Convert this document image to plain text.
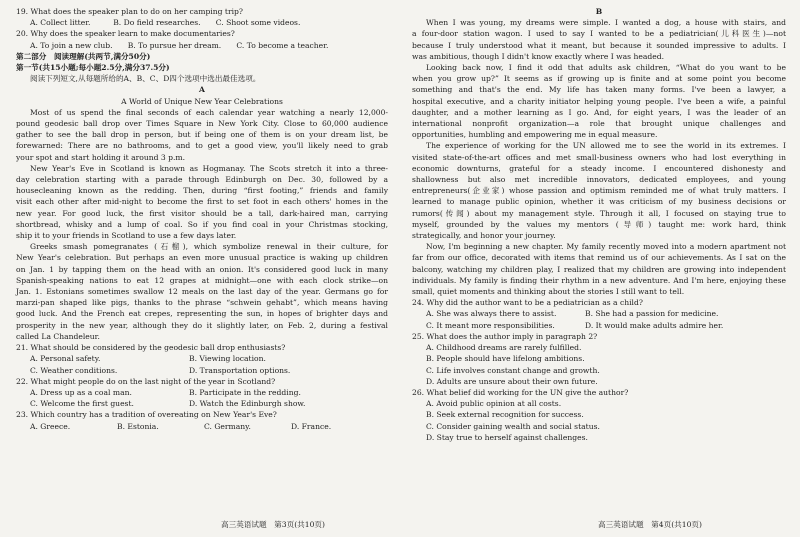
19. What does the speaker plan to do on her camping trip?
A. Collect litter.   B. Do field researches.  C. Shoot some videos.
20. Why does the speaker learn to make documentaries?
A. To join a new club.  B. To pursue her dream.  C. To become a teacher.
第二部分　阅读理解(共两节,满分50分)
第一节(共15小题;每小题2.5分,满分37.5分)
阅读下列短文,从每题所给的A、B、C、D四个选项中选出最佳选项。
A
A World of Unique New Year Celebrations
Most of us spend the final seconds of each calendar year watching a nearly 12,000-
pound geodesic ball drop over Times Square in New York City. Close to 60,000 audience
gather to see the ball drop in person, but if being one of them is on your dream list, be
forewarned: There are no bathrooms, and to get a good view, you'll likely need to grab
your spot and start holding it around 3 p.m.
New Year's Eve in Scotland is known as Hogmanay. The Scots stretch it into a three-
day celebration starting with a parade through Edinburgh on Dec. 30, followed by a
housecleaning known as the redding. Then, during “first footing,” friends and family
visit each other after mid-night to become the first to set foot in each others' homes in the
new year. For good luck, the first visitor should be a tall, dark-haired man, carrying
shortbread, whisky and a lump of coal. So if you find coal in your Christmas stocking,
ship it to your friends in Scotland to use a few days later.
Greeks smash pomegranates (石榴), which symbolize renewal in their culture, for
New Year's celebration. But perhaps an even more unusual practice is waking up children
on Jan. 1 by tapping them on the head with an onion. It's considered good luck in many
Spanish-speaking nations to eat 12 grapes at midnight—one with each clock strike—on
Jan. 1. Estonians sometimes swallow 12 meals on the last day of the year. Germans go for
marzi-pan shaped like pigs, thanks to the phrase “schwein gehabt”, which means having
good luck. And the French eat crepes, representing the sun, in hopes of brighter days and
prosperity in the new year, although they do it slightly later, on Feb. 2, during a festival
called La Chandeleur.
21. What should be considered by the geodesic ball drop enthusiasts?
A. Personal safety.	B. Viewing location.
C. Weather conditions.	D. Transportation options.
22. What might people do on the last night of the year in Scotland?
A. Dress up as a coal man.	B. Participate in the redding.
C. Welcome the first guest.	D. Watch the Edinburgh show.
23. Which country has a tradition of overeating on New Year's Eve?
A. Greece.	B. Estonia.	C. Germany.	D. France.
高三英语试题　第3页(共10页)
B
When I was young, my dreams were simple. I wanted a dog, a house with stairs, and
a four-door station wagon. I used to say I wanted to be a pediatrician(儿科医生)—not
because I truly understood what it meant, but because it sounded impressive to adults. I
was ambitious, though I didn't know exactly where I was headed.
Looking back now, I find it odd that adults ask children, “What do you want to be
when you grow up?” It seems as if growing up is finite and at some point you become
something and that's the end. My life has taken many forms. I've been a lawyer, a
hospital executive, and a charity initiator helping young people. I've been a wife, a painful
daughter, and a mother learning as I go. And, for eight years, I was the leader of an
international nonprofit organization—a role that brought unique challenges and
opportunities, humbling and empowering me in equal measure.
The experience of working for the UN allowed me to see the world in its extremes. I
visited state-of-the-art offices and met small-business owners who had lost everything in
economic downturns, grateful for a steady income. I encountered dishonesty and
shallowness but also met incredible innovators, dedicated employees, and young
entrepreneurs(企业家) whose passion and optimism reminded me of what truly matters. I
learned to manage public opinion, whether it was criticism of my business decisions or
rumors(传闻) about my management style. Through it all, I focused on staying true to
myself, grounded by the values my mentors (导师) taught me: work hard, think
strategically, and honor your journey.
Now, I'm beginning a new chapter. My family recently moved into a modern apartment not
far from our office, decorated with items that remind us of our achievements. As I sat on the
balcony, watching my children play, I realized that my children are growing into independent
individuals. My family is finding their rhythm in a new adventure. And I'm here, enjoying these
small, quiet moments and thinking about the stories I still want to tell.
24. Why did the author want to be a pediatrician as a child?
A. She was always there to assist.	B. She had a passion for medicine.
C. It meant more responsibilities.	D. It would make adults admire her.
25. What does the author imply in paragraph 2?
A. Childhood dreams are rarely fulfilled.
B. People should have lifelong ambitions.
C. Life involves constant change and growth.
D. Adults are unsure about their own future.
26. What belief did working for the UN give the author?
A. Avoid public opinion at all costs.
B. Seek external recognition for success.
C. Consider gaining wealth and social status.
D. Stay true to herself against challenges.
高三英语试题　第4页(共10页)
